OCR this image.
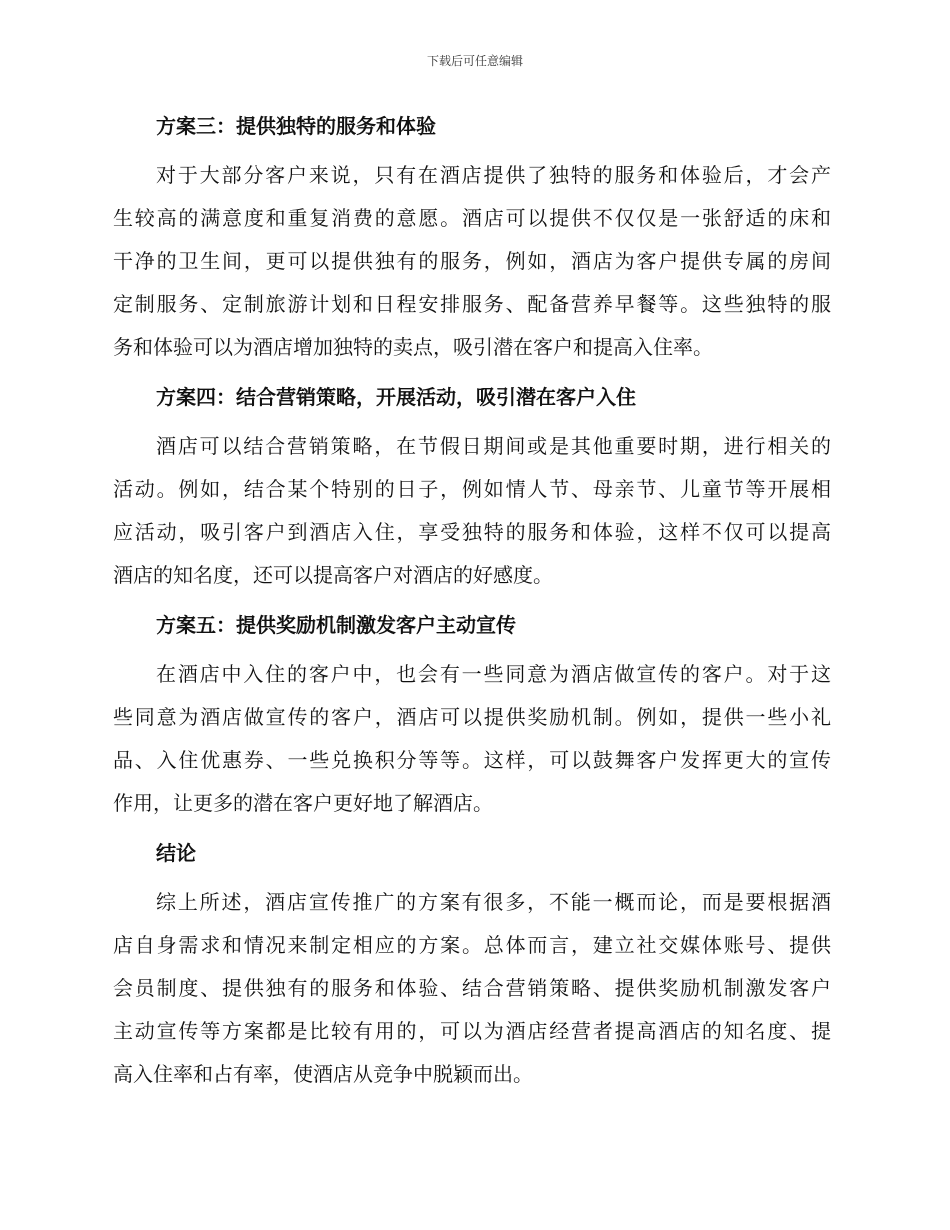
下载后可任意编辑
方案三：提供独特的服务和体验
对于大部分客户来说，只有在酒店提供了独特的服务和体验后，才会产
生较高的满意度和重复消费的意愿。酒店可以提供不仅仅是一张舒适的床和
干净的卫生间，更可以提供独有的服务，例如，酒店为客户提供专属的房间
定制服务、定制旅游计划和日程安排服务、配备营养早餐等。这些独特的服
务和体验可以为酒店增加独特的卖点，吸引潜在客户和提高入住率。
方案四：结合营销策略，开展活动，吸引潜在客户入住
酒店可以结合营销策略，在节假日期间或是其他重要时期，进行相关的
活动。例如，结合某个特别的日子，例如情人节、母亲节、儿童节等开展相
应活动，吸引客户到酒店入住，享受独特的服务和体验，这样不仅可以提高
酒店的知名度，还可以提高客户对酒店的好感度。
方案五：提供奖励机制激发客户主动宣传
在酒店中入住的客户中，也会有一些同意为酒店做宣传的客户。对于这
些同意为酒店做宣传的客户，酒店可以提供奖励机制。例如，提供一些小礼
品、入住优惠券、一些兑换积分等等。这样，可以鼓舞客户发挥更大的宣传
作用，让更多的潜在客户更好地了解酒店。
结论
综上所述，酒店宣传推广的方案有很多，不能一概而论，而是要根据酒
店自身需求和情况来制定相应的方案。总体而言，建立社交媒体账号、提供
会员制度、提供独有的服务和体验、结合营销策略、提供奖励机制激发客户
主动宣传等方案都是比较有用的，可以为酒店经营者提高酒店的知名度、提
高入住率和占有率，使酒店从竞争中脱颖而出。
